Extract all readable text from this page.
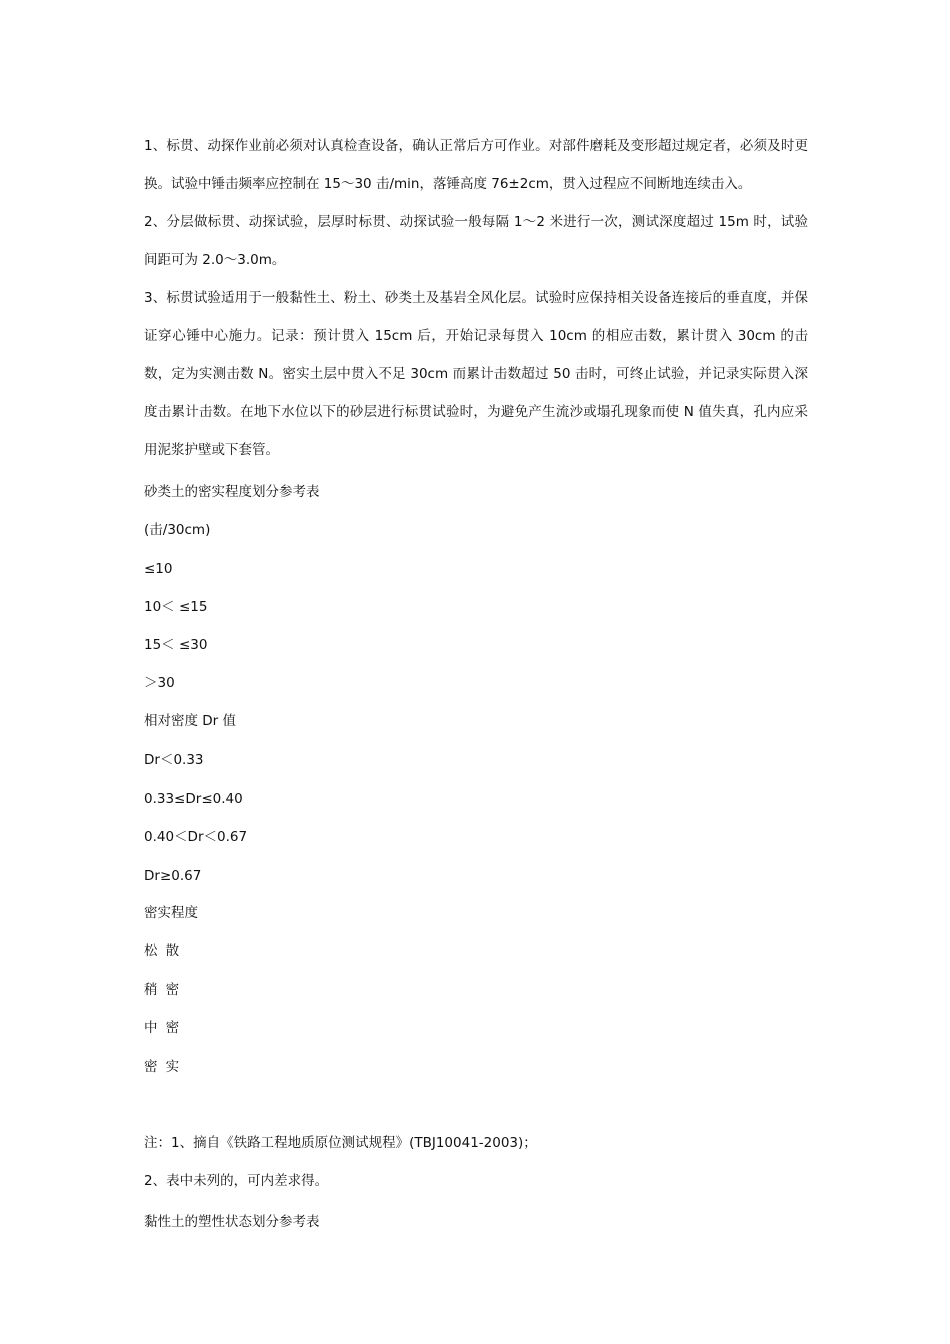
1、标贯、动探作业前必须对认真检查设备，确认正常后方可作业。对部件磨耗及变形超过规定者，必须及时更换。试验中锤击频率应控制在 15～30 击/min，落锤高度 76±2cm，贯入过程应不间断地连续击入。

2、分层做标贯、动探试验，层厚时标贯、动探试验一般每隔 1～2 米进行一次，测试深度超过 15m 时，试验间距可为 2.0～3.0m。

3、标贯试验适用于一般黏性土、粉土、砂类土及基岩全风化层。试验时应保持相关设备连接后的垂直度，并保证穿心锤中心施力。记录：预计贯入 15cm 后，开始记录每贯入 10cm 的相应击数，累计贯入 30cm 的击数，定为实测击数 N。密实土层中贯入不足 30cm 而累计击数超过 50 击时，可终止试验，并记录实际贯入深度击累计击数。在地下水位以下的砂层进行标贯试验时，为避免产生流沙或塌孔现象而使 N 值失真，孔内应采用泥浆护壁或下套管。

砂类土的密实程度划分参考表
(击/30cm)
≤10
10＜ ≤15
15＜ ≤30
＞30
相对密度 Dr 值
Dr＜0.33
0.33≤Dr≤0.40
0.40＜Dr＜0.67
Dr≥0.67
密实程度
松散
稍密
中密
密实
注：1、摘自《铁路工程地质原位测试规程》(TBJ10041-2003)；
2、表中未列的，可内差求得。
黏性土的塑性状态划分参考表
